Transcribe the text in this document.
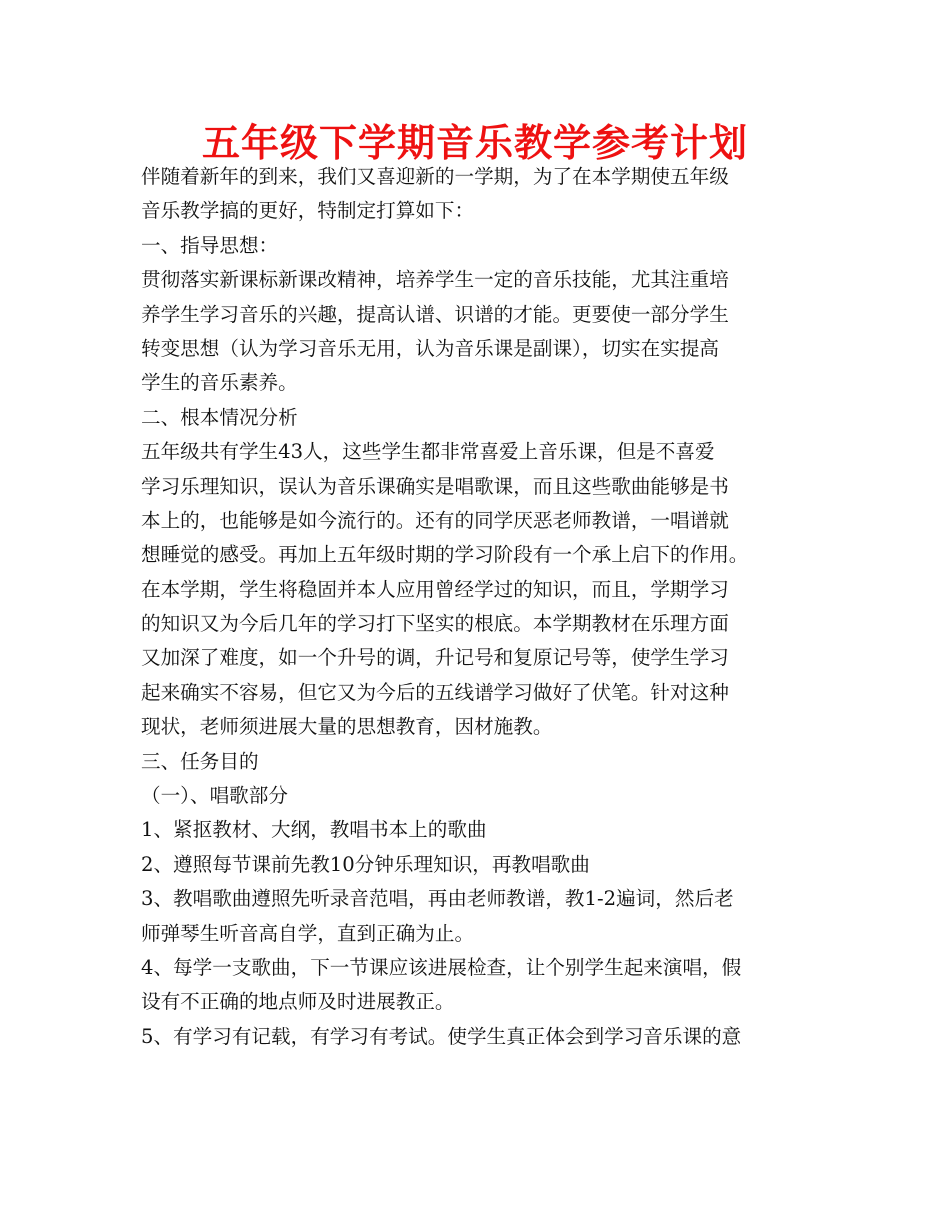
五年级下学期音乐教学参考计划
伴随着新年的到来，我们又喜迎新的一学期，为了在本学期使五年级
音乐教学搞的更好，特制定打算如下：
一、指导思想：
贯彻落实新课标新课改精神，培养学生一定的音乐技能，尤其注重培
养学生学习音乐的兴趣，提高认谱、识谱的才能。更要使一部分学生
转变思想（认为学习音乐无用，认为音乐课是副课），切实在实提高
学生的音乐素养。
二、根本情况分析
五年级共有学生43人，这些学生都非常喜爱上音乐课，但是不喜爱
学习乐理知识，误认为音乐课确实是唱歌课，而且这些歌曲能够是书
本上的，也能够是如今流行的。还有的同学厌恶老师教谱，一唱谱就
想睡觉的感受。再加上五年级时期的学习阶段有一个承上启下的作用。
在本学期，学生将稳固并本人应用曾经学过的知识，而且，学期学习
的知识又为今后几年的学习打下坚实的根底。本学期教材在乐理方面
又加深了难度，如一个升号的调，升记号和复原记号等，使学生学习
起来确实不容易，但它又为今后的五线谱学习做好了伏笔。针对这种
现状，老师须进展大量的思想教育，因材施教。
三、任务目的
（一）、唱歌部分
1、紧抠教材、大纲，教唱书本上的歌曲
2、遵照每节课前先教10分钟乐理知识，再教唱歌曲
3、教唱歌曲遵照先听录音范唱，再由老师教谱，教1-2遍词，然后老
师弹琴生听音高自学，直到正确为止。
4、每学一支歌曲，下一节课应该进展检查，让个别学生起来演唱，假
设有不正确的地点师及时进展教正。
5、有学习有记载，有学习有考试。使学生真正体会到学习音乐课的意
